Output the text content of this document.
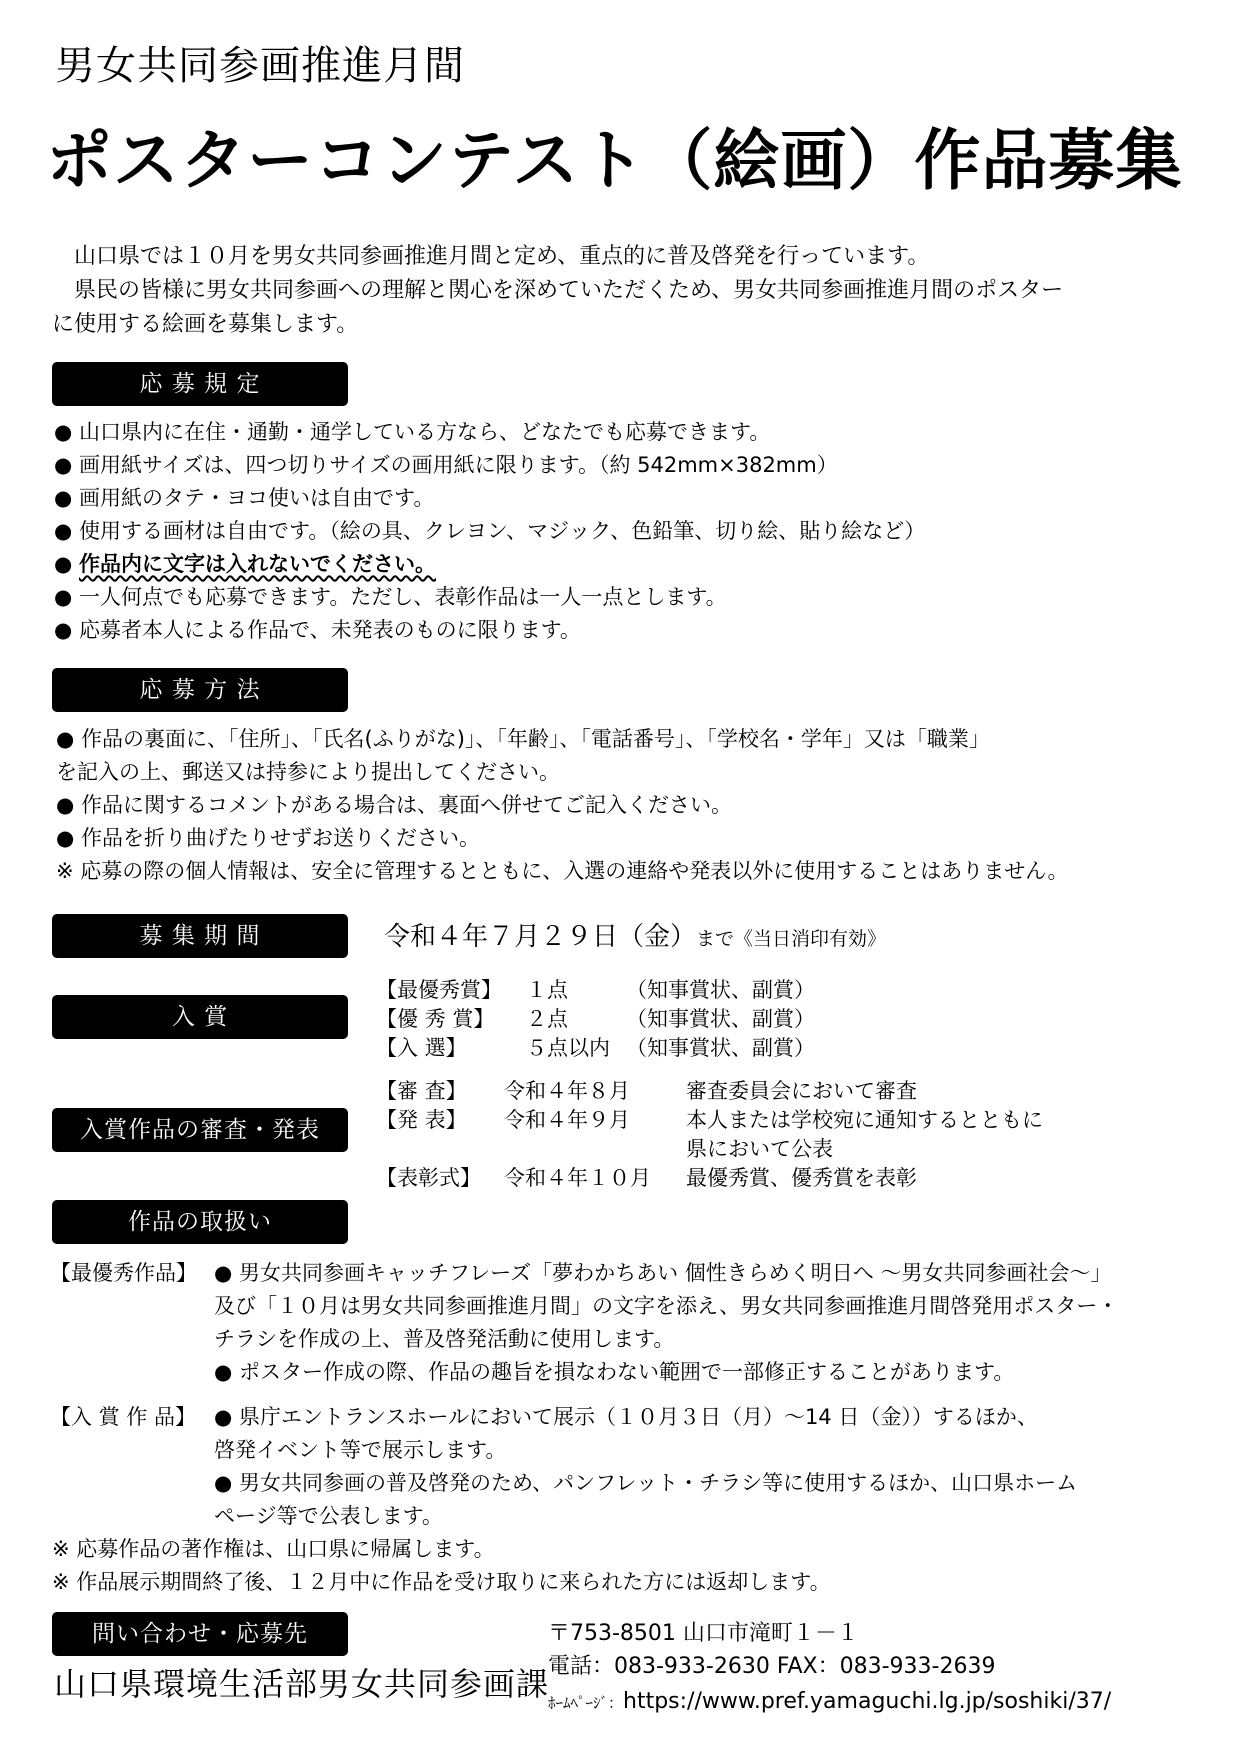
男女共同参画推進月間
ポスターコンテスト（絵画）作品募集

山口県では１０月を男女共同参画推進月間と定め、重点的に普及啓発を行っています。

県民の皆様に男女共同参画への理解と関心を深めていただくため、男女共同参画推進月間のポスター

に使用する絵画を募集します。

応 募 規 定
● 山口県内に在住・通勤・通学している方なら、どなたでも応募できます。
● 画用紙サイズは、四つ切りサイズの画用紙に限ります。（約 542mm×382mm）
● 画用紙のタテ・ヨコ使いは自由です。
● 使用する画材は自由です。（絵の具、クレヨン、マジック、色鉛筆、切り絵、貼り絵など）
● 作品内に文字は入れないでください。
● 一人何点でも応募できます。ただし、表彰作品は一人一点とします。
● 応募者本人による作品で、未発表のものに限ります。
応 募 方 法
● 作品の裏面に、「住所」、「氏名(ふりがな)」、「年齢」、「電話番号」、「学校名・学年」又は「職業」
を記入の上、郵送又は持参により提出してください。
● 作品に関するコメントがある場合は、裏面へ併せてご記入ください。
● 作品を折り曲げたりせずお送りください。
※ 応募の際の個人情報は、安全に管理するとともに、入選の連絡や発表以外に使用することはありません。
募 集 期 間	令和４年７月２９日（金）まで《当日消印有効》
入 賞
【最優秀賞】 １点	（知事賞状、副賞）
【優 秀 賞】 ２点	（知事賞状、副賞）
【入 選】	５点以内 （知事賞状、副賞）
入賞作品の審査・発表
【審 査】 令和４年８月	審査委員会において審査
【発 表】 令和４年９月	本人または学校宛に通知するとともに
県において公表
【表彰式】 令和４年１０月 最優秀賞、優秀賞を表彰
作品の取扱い
【最優秀作品】 ● 男女共同参画キャッチフレーズ「夢わかちあい 個性きらめく明日へ ～男女共同参画社会～」
及び「１０月は男女共同参画推進月間」の文字を添え、男女共同参画推進月間啓発用ポスター・
チラシを作成の上、普及啓発活動に使用します。
● ポスター作成の際、作品の趣旨を損なわない範囲で一部修正することがあります。
【入 賞 作 品】 ● 県庁エントランスホールにおいて展示（１０月３日（月）～14 日（金））するほか、
啓発イベント等で展示します。
● 男女共同参画の普及啓発のため、パンフレット・チラシ等に使用するほか、山口県ホーム
ページ等で公表します。
※ 応募作品の著作権は、山口県に帰属します。
※ 作品展示期間終了後、１２月中に作品を受け取りに来られた方には返却します。
問い合わせ・応募先
山口県環境生活部男女共同参画課
〒753-8501 山口市滝町１－１
電話：083-933-2630 FAX：083-933-2639
ﾎｰﾑﾍﾟｰｼﾞ：https://www.pref.yamaguchi.lg.jp/soshiki/37/
